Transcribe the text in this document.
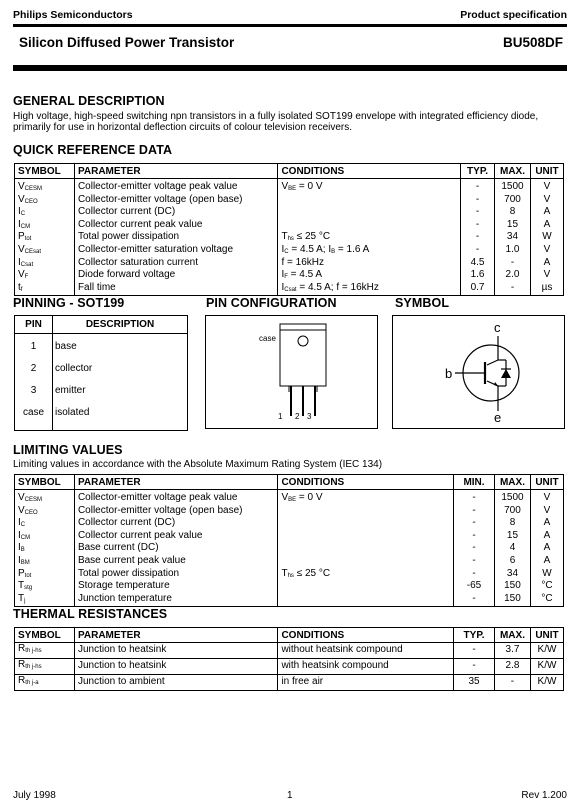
Philips Semiconductors	Product specification
Silicon Diffused Power Transistor	BU508DF
GENERAL DESCRIPTION
High voltage, high-speed switching npn transistors in a fully isolated SOT199 envelope with integrated efficiency diode, primarily for use in horizontal deflection circuits of colour television receivers.
QUICK REFERENCE DATA
SYMBOL	PARAMETER	CONDITIONS	TYP.	MAX.	UNIT
VCESM	Collector-emitter voltage peak value	VBE = 0 V	-	1500	V
VCEO	Collector-emitter voltage (open base)		-	700	V
IC	Collector current (DC)		-	8	A
ICM	Collector current peak value		-	15	A
Ptot	Total power dissipation	Ths ≤ 25 °C	-	34	W
VCEsat	Collector-emitter saturation voltage	IC = 4.5 A; IB = 1.6 A	-	1.0	V
ICsat	Collector saturation current	f = 16kHz	4.5	-	A
VF	Diode forward voltage	IF = 4.5 A	1.6	2.0	V
tf	Fall time	ICsat = 4.5 A; f = 16kHz	0.7	-	µs
PINNING - SOT199
PIN	DESCRIPTION
1	base
2	collector
3	emitter
case	isolated
PIN CONFIGURATION
case
1 2 3
SYMBOL
c
b
e
LIMITING VALUES
Limiting values in accordance with the Absolute Maximum Rating System (IEC 134)
SYMBOL	PARAMETER	CONDITIONS	MIN.	MAX.	UNIT
VCESM	Collector-emitter voltage peak value	VBE = 0 V	-	1500	V
VCEO	Collector-emitter voltage (open base)		-	700	V
IC	Collector current (DC)		-	8	A
ICM	Collector current peak value		-	15	A
IB	Base current (DC)		-	4	A
IBM	Base current peak value		-	6	A
Ptot	Total power dissipation	Ths ≤ 25 °C	-	34	W
Tstg	Storage temperature		-65	150	°C
Tj	Junction temperature		-	150	°C
THERMAL RESISTANCES
SYMBOL	PARAMETER	CONDITIONS	TYP.	MAX.	UNIT
Rth j-hs	Junction to heatsink	without heatsink compound	-	3.7	K/W
Rth j-hs	Junction to heatsink	with heatsink compound	-	2.8	K/W
Rth j-a	Junction to ambient	in free air	35	-	K/W
July 1998	1	Rev 1.200
